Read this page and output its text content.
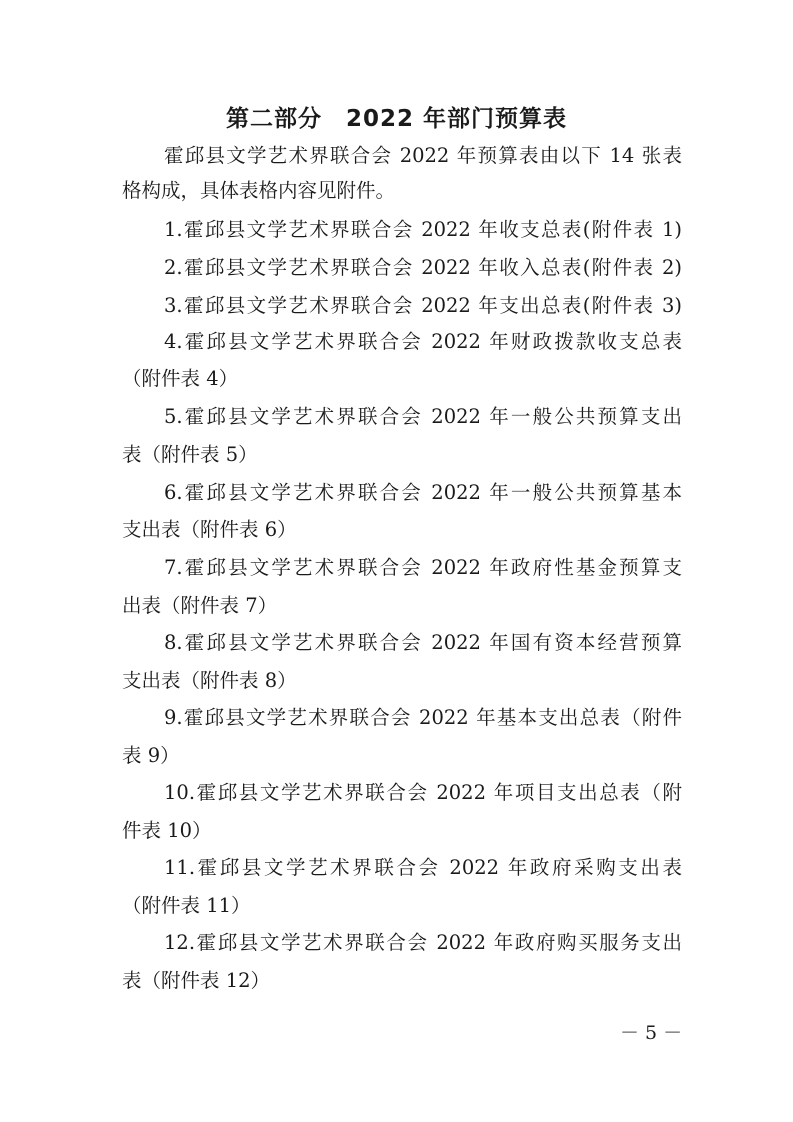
第二部分　2022 年部门预算表
霍邱县文学艺术界联合会 2022 年预算表由以下 14 张表
格构成，具体表格内容见附件。
1.霍邱县文学艺术界联合会 2022 年收支总表(附件表 1)
2.霍邱县文学艺术界联合会 2022 年收入总表(附件表 2)
3.霍邱县文学艺术界联合会 2022 年支出总表(附件表 3)
4.霍邱县文学艺术界联合会 2022 年财政拨款收支总表
（附件表 4）
5.霍邱县文学艺术界联合会 2022 年一般公共预算支出
表（附件表 5）
6.霍邱县文学艺术界联合会 2022 年一般公共预算基本
支出表（附件表 6）
7.霍邱县文学艺术界联合会 2022 年政府性基金预算支
出表（附件表 7）
8.霍邱县文学艺术界联合会 2022 年国有资本经营预算
支出表（附件表 8）
9.霍邱县文学艺术界联合会 2022 年基本支出总表（附件
表 9）
10.霍邱县文学艺术界联合会 2022 年项目支出总表（附
件表 10）
11.霍邱县文学艺术界联合会 2022 年政府采购支出表
（附件表 11）
12.霍邱县文学艺术界联合会 2022 年政府购买服务支出
表（附件表 12）
－ 5 －
